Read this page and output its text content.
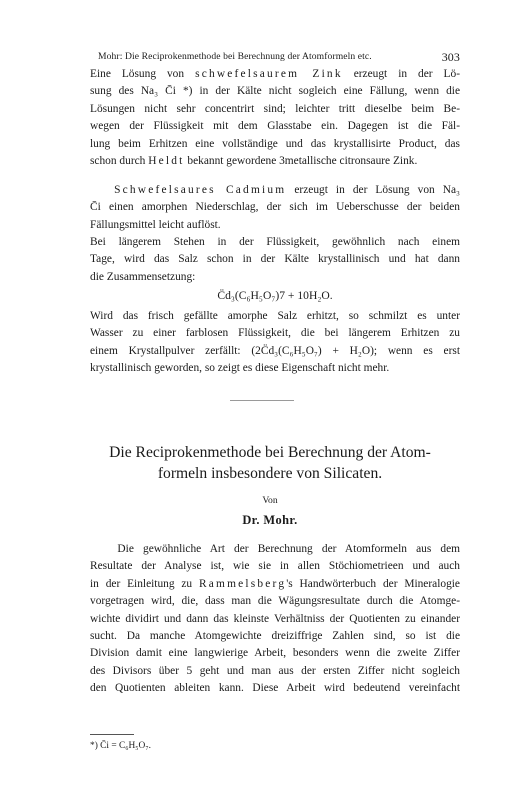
Mohr: Die Reciprokenmethode bei Berechnung der Atomformeln etc.	303
Eine Lösung von schwefelsaurem Zink erzeugt in der Lö-
sung des Na₃ C̄i *) in der Kälte nicht sogleich eine Fällung, wenn die
Lösungen nicht sehr concentrirt sind; leichter tritt dieselbe beim Be-
wegen der Flüssigkeit mit dem Glasstabe ein. Dagegen ist die Fäl-
lung beim Erhitzen eine vollständige und das krystallisirte Product, das
schon durch Heldt bekannt gewordene 3metallische citronsaure Zink.
Schwefelsaures Cadmium erzeugt in der Lösung von Na₃
C̄i einen amorphen Niederschlag, der sich im Ueberschusse der beiden
Fällungsmittel leicht auflöst.
Bei längerem Stehen in der Flüssigkeit, gewöhnlich nach einem
Tage, wird das Salz schon in der Kälte krystallinisch und hat dann
die Zusammensetzung:
C̈d₃(C₆H₅O₇)7 + 10H₂O.
Wird das frisch gefällte amorphe Salz erhitzt, so schmilzt es unter
Wasser zu einer farblosen Flüssigkeit, die bei längerem Erhitzen zu
einem Krystallpulver zerfällt: (2C̈d₃(C₆H₅O₇) + H₂O); wenn es erst
krystallinisch geworden, so zeigt es diese Eigenschaft nicht mehr.
Die Reciprokenmethode bei Berechnung der Atom-
formeln insbesondere von Silicaten.
Von
Dr. Mohr.
Die gewöhnliche Art der Berechnung der Atomformeln aus dem
Resultate der Analyse ist, wie sie in allen Stöchiometrieen und auch
in der Einleitung zu Rammelsberg's Handwörterbuch der Mineralogie
vorgetragen wird, die, dass man die Wägungsresultate durch die Atomge-
wichte dividirt und dann das kleinste Verhältniss der Quotienten zu einander
sucht. Da manche Atomgewichte dreiziffrige Zahlen sind, so ist die
Division damit eine langwierige Arbeit, besonders wenn die zweite Ziffer
des Divisors über 5 geht und man aus der ersten Ziffer nicht sogleich
den Quotienten ableiten kann. Diese Arbeit wird bedeutend vereinfacht
*) C̄i = C₆H₅O₇.
